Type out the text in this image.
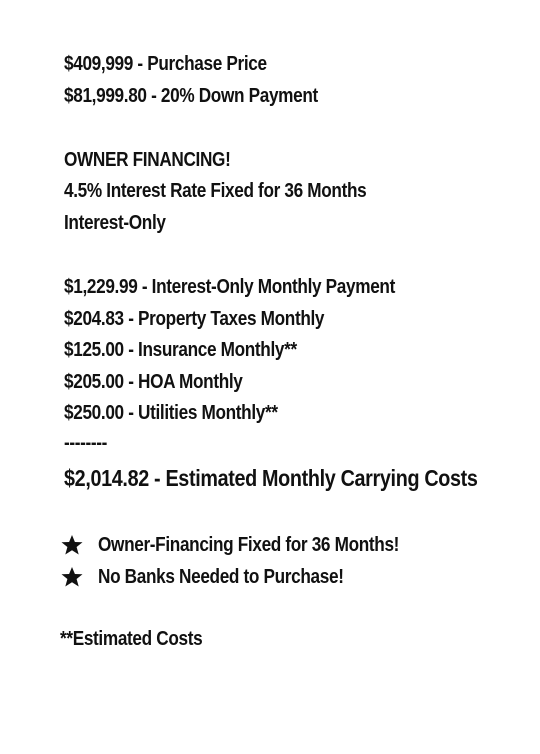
$409,999 - Purchase Price

$81,999.80 - 20% Down Payment

OWNER FINANCING!

4.5% Interest Rate Fixed for 36 Months

Interest-Only

$1,229.99 - Interest-Only Monthly Payment

$204.83 - Property Taxes Monthly

$125.00 - Insurance Monthly**

$205.00 - HOA Monthly

$250.00 - Utilities Monthly**

--------

$2,014.82 - Estimated Monthly Carrying Costs

Owner-Financing Fixed for 36 Months!

No Banks Needed to Purchase!

**Estimated Costs
